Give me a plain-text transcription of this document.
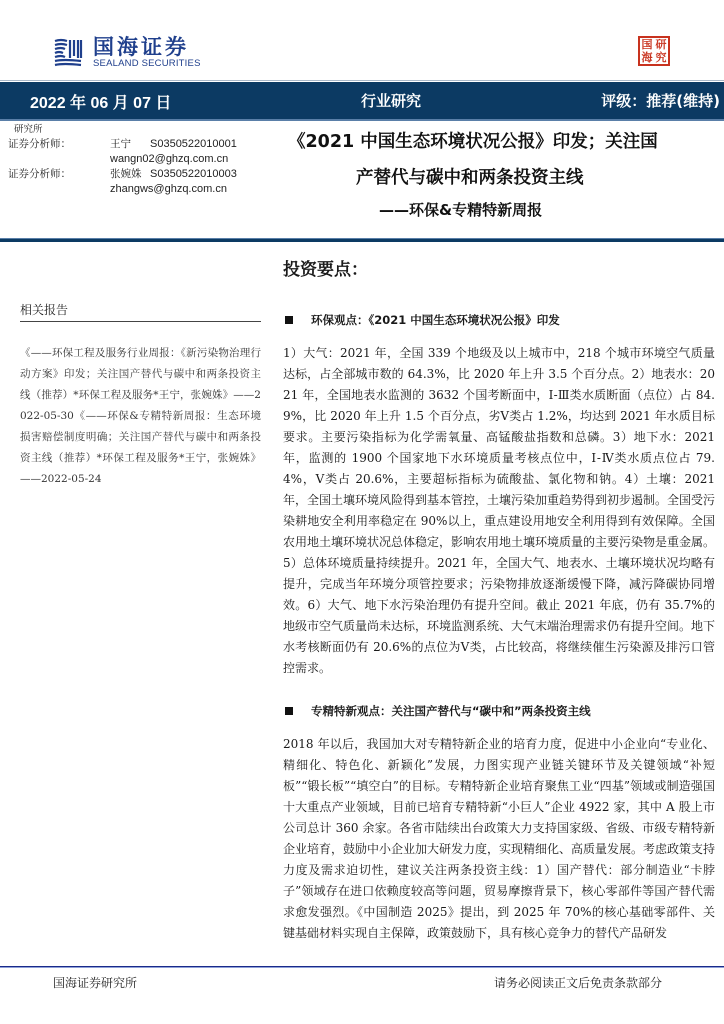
国海证券
SEALAND SECURITIES
国 研
海 究
2022 年 06 月 07 日	行业研究	评级：推荐(维持)
研究所
证券分析师：	王宁	S0350522010001
wangn02@ghzq.com.cn
证券分析师：	张婉姝 S0350522010003
zhangws@ghzq.com.cn
《2021 中国生态环境状况公报》印发；关注国
产替代与碳中和两条投资主线
——环保&专精特新周报
相关报告
《——环保工程及服务行业周报：《新污染物治理行动方案》印发；关注国产替代与碳中和两条投资主线（推荐）*环保工程及服务*王宁，张婉姝》——2022-05-30《——环保&专精特新周报：生态环境损害赔偿制度明确；关注国产替代与碳中和两条投资主线（推荐）*环保工程及服务*王宁，张婉姝》——2022-05-24
投资要点：
环保观点：《2021 中国生态环境状况公报》印发
1）大气：2021 年，全国 339 个地级及以上城市中，218 个城市环境空气质量达标，占全部城市数的 64.3%，比 2020 年上升 3.5 个百分点。2）地表水：2021 年，全国地表水监测的 3632 个国考断面中，Ⅰ-Ⅲ类水质断面（点位）占 84.9%，比 2020 年上升 1.5 个百分点，劣Ⅴ类占 1.2%，均达到 2021 年水质目标要求。主要污染指标为化学需氧量、高锰酸盐指数和总磷。3）地下水：2021 年，监测的 1900 个国家地下水环境质量考核点位中，Ⅰ-Ⅳ类水质点位占 79.4%，Ⅴ类占 20.6%，主要超标指标为硫酸盐、氯化物和钠。4）土壤：2021 年，全国土壤环境风险得到基本管控，土壤污染加重趋势得到初步遏制。全国受污染耕地安全利用率稳定在 90%以上，重点建设用地安全利用得到有效保障。全国农用地土壤环境状况总体稳定，影响农用地土壤环境质量的主要污染物是重金属。5）总体环境质量持续提升。2021 年，全国大气、地表水、土壤环境状况均略有提升，完成当年环境分项管控要求；污染物排放逐渐缓慢下降，减污降碳协同增效。6）大气、地下水污染治理仍有提升空间。截止 2021 年底，仍有 35.7%的地级市空气质量尚未达标，环境监测系统、大气末端治理需求仍有提升空间。地下水考核断面仍有 20.6%的点位为Ⅴ类，占比较高，将继续催生污染源及排污口管控需求。
专精特新观点：关注国产替代与“碳中和”两条投资主线
2018 年以后，我国加大对专精特新企业的培育力度，促进中小企业向“专业化、精细化、特色化、新颖化”发展，力图实现产业链关键环节及关键领域“补短板”“锻长板”“填空白”的目标。专精特新企业培育聚焦工业“四基”领域或制造强国十大重点产业领域，目前已培育专精特新“小巨人”企业 4922 家，其中 A 股上市公司总计 360 余家。各省市陆续出台政策大力支持国家级、省级、市级专精特新企业培育，鼓励中小企业加大研发力度，实现精细化、高质量发展。考虑政策支持力度及需求迫切性，建议关注两条投资主线：1）国产替代：部分制造业“卡脖子”领域存在进口依赖度较高等问题，贸易摩擦背景下，核心零部件等国产替代需求愈发强烈。《中国制造 2025》提出，到 2025 年 70%的核心基础零部件、关键基础材料实现自主保障，政策鼓励下，具有核心竞争力的替代产品研发
国海证券研究所	请务必阅读正文后免责条款部分
